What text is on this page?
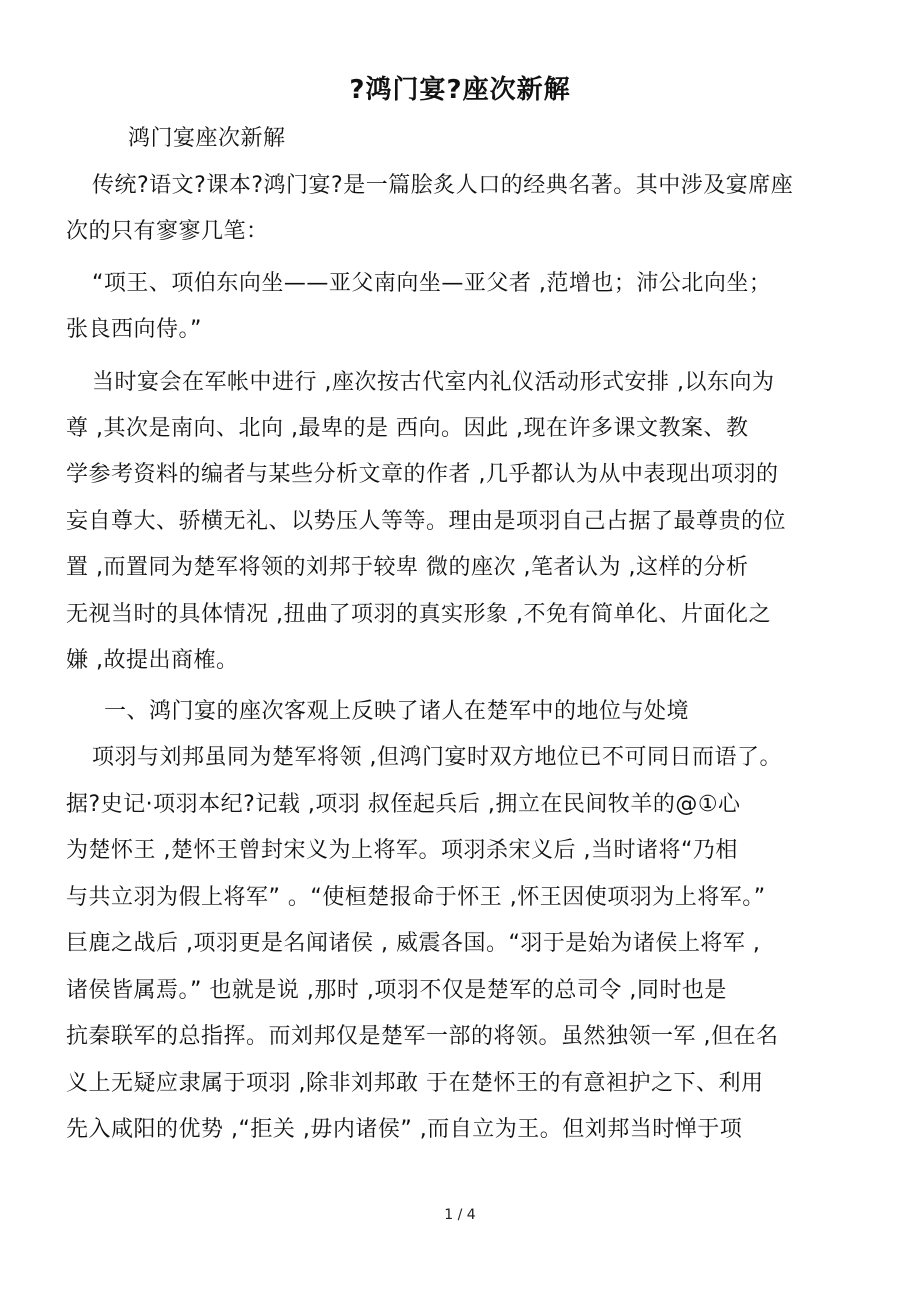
?鸿门宴?座次新解
鸿门宴座次新解
传统?语文?课本?鸿门宴?是一篇脍炙人口的经典名著。其中涉及宴席座
次的只有寥寥几笔：
“项王、项伯东向坐——亚父南向坐—亚父者 ,范增也；沛公北向坐；
张良西向侍。”
当时宴会在军帐中进行 ,座次按古代室内礼仪活动形式安排 ,以东向为
尊 ,其次是南向、北向 ,最卑的是 西向。因此 ,现在许多课文教案、教
学参考资料的编者与某些分析文章的作者 ,几乎都认为从中表现出项羽的
妄自尊大、骄横无礼、以势压人等等。理由是项羽自己占据了最尊贵的位
置 ,而置同为楚军将领的刘邦于较卑 微的座次 ,笔者认为 ,这样的分析
无视当时的具体情况 ,扭曲了项羽的真实形象 ,不免有简单化、片面化之
嫌 ,故提出商榷。
一、鸿门宴的座次客观上反映了诸人在楚军中的地位与处境
项羽与刘邦虽同为楚军将领 ,但鸿门宴时双方地位已不可同日而语了。
据?史记·项羽本纪?记载 ,项羽 叔侄起兵后 ,拥立在民间牧羊的@①心
为楚怀王 ,楚怀王曾封宋义为上将军。项羽杀宋义后 ,当时诸将“乃相
与共立羽为假上将军” 。“使桓楚报命于怀王 ,怀王因使项羽为上将军。”
巨鹿之战后 ,项羽更是名闻诸侯 , 威震各国。“羽于是始为诸侯上将军 ,
诸侯皆属焉。” 也就是说 ,那时 ,项羽不仅是楚军的总司令 ,同时也是
抗秦联军的总指挥。而刘邦仅是楚军一部的将领。虽然独领一军 ,但在名
义上无疑应隶属于项羽 ,除非刘邦敢 于在楚怀王的有意袒护之下、利用
先入咸阳的优势 ,“拒关 ,毋内诸侯” ,而自立为王。但刘邦当时惮于项
1 / 4
